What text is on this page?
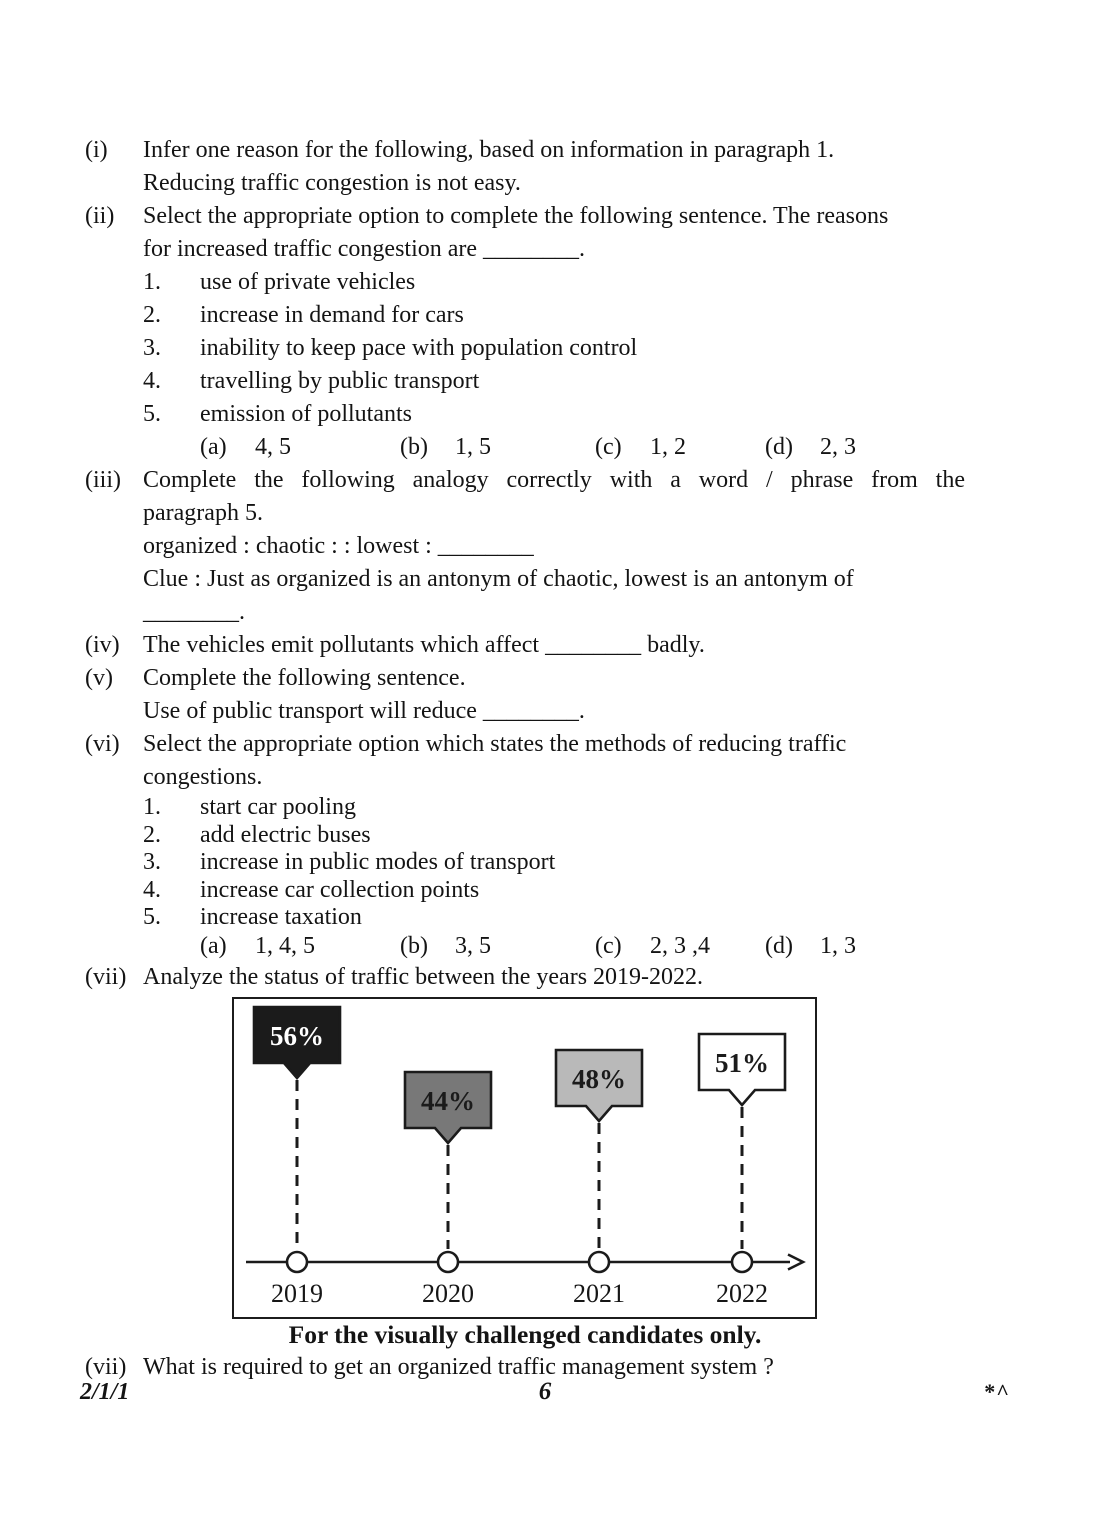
(i)	Infer one reason for the following, based on information in paragraph 1.
Reducing traffic congestion is not easy.
(ii)	Select the appropriate option to complete the following sentence. The reasons
for increased traffic congestion are ________.
1.	use of private vehicles
2.	increase in demand for cars
3.	inability to keep pace with population control
4.	travelling by public transport
5.	emission of pollutants
(a)	4, 5	(b)	1, 5	(c)	1, 2	(d)	2, 3
(iii) Complete the following analogy correctly with a word / phrase from the
paragraph 5.
organized : chaotic : : lowest : ________
Clue : Just as organized is an antonym of chaotic, lowest is an antonym of
________.
(iv) The vehicles emit pollutants which affect ________ badly.
(v)	Complete the following sentence.
Use of public transport will reduce ________.
(vi) Select the appropriate option which states the methods of reducing traffic
congestions.
1.	start car pooling
2.	add electric buses
3.	increase in public modes of transport
4.	increase car collection points
5.	increase taxation
(a)	1, 4, 5	(b)	3, 5	(c)	2, 3 ,4 (d)	1, 3
(vii) Analyze the status of traffic between the years 2019-2022.
56%
2019
44%
2020
48%
2021
51%
2022
For the visually challenged candidates only.
(vii) What is required to get an organized traffic management system ?
2/1/1	6	*^
